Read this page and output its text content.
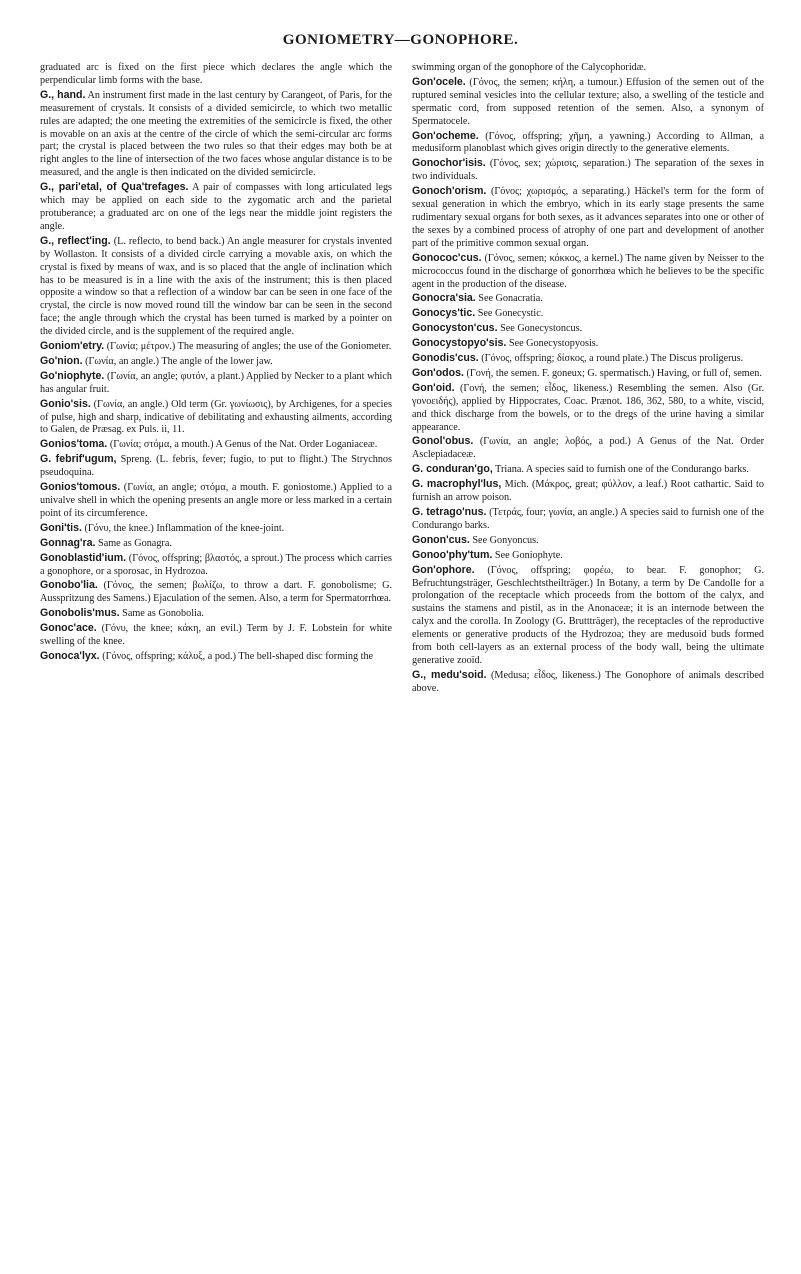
GONIOMETRY—GONOPHORE.

graduated arc is fixed on the first piece which declares the angle which the perpendicular limb forms with the base.

G., hand. An instrument first made in the last century by Carangeot, of Paris, for the measurement of crystals. It consists of a divided semicircle, to which two metallic rules are adapted; the one meeting the extremities of the semicircle is fixed, the other is movable on an axis at the centre of the circle of which the semi-circular arc forms part; the crystal is placed between the two rules so that their edges may both be at right angles to the line of intersection of the two faces whose angular distance is to be measured, and the angle is then indicated on the divided semicircle.

G., pari'etal, of Qua'trefages. A pair of compasses with long articulated legs which may be applied on each side to the zygomatic arch and the parietal protuberance; a graduated arc on one of the legs near the middle joint registers the angle.

G., reflect'ing. (L. reflecto, to bend back.) An angle measurer for crystals invented by Wollaston. It consists of a divided circle carrying a movable axis, on which the crystal is fixed by means of wax, and is so placed that the angle of inclination which has to be measured is in a line with the axis of the instrument; this is then placed opposite a window so that a reflection of a window bar can be seen in one face of the crystal, the circle is now moved round till the window bar can be seen in the second face; the angle through which the crystal has been turned is marked by a pointer on the divided circle, and is the supplement of the required angle.

Goniom'etry. (Γωνία; μέτρον.) The measuring of angles; the use of the Goniometer.

Go'nion. (Γωνία, an angle.) The angle of the lower jaw.

Go'niophyte. (Γωνία, an angle; φυτόν, a plant.) Applied by Necker to a plant which has angular fruit.

Gonio'sis. (Γωνία, an angle.) Old term (Gr. γωνίωσις), by Archigenes, for a species of pulse, high and sharp, indicative of debilitating and exhausting ailments, according to Galen, de Præsag. ex Puls. ii, 11.

Gonios'toma. (Γωνία; στόμα, a mouth.) A Genus of the Nat. Order Loganiaceæ.

G. febrif'ugum, Spreng. (L. febris, fever; fugio, to put to flight.) The Strychnos pseudoquina.

Gonios'tomous. (Γωνία, an angle; στόμα, a mouth. F. goniostome.) Applied to a univalve shell in which the opening presents an angle more or less marked in a certain point of its circumference.

Goni'tis. (Γόνυ, the knee.) Inflammation of the knee-joint.

Gonnag'ra. Same as Gonagra.

Gonoblastid'ium. (Γόνος, offspring; βλαστός, a sprout.) The process which carries a gonophore, or a sporosac, in Hydrozoa.

Gonobo'lia. (Γόνος, the semen; βωλίζω, to throw a dart. F. gonobolisme; G. Ausspritzung des Samens.) Ejaculation of the semen. Also, a term for Spermatorrhœa.

Gonobolis'mus. Same as Gonobolia.

Gonoc'ace. (Γόνυ, the knee; κάκη, an evil.) Term by J. F. Lobstein for white swelling of the knee.

Gonoca'lyx. (Γόνος, offspring; κάλυξ, a pod.) The bell-shaped disc forming the

swimming organ of the gonophore of the Calycophoridæ.

Gon'ocele. (Γόνος, the semen; κήλη, a tumour.) Effusion of the semen out of the ruptured seminal vesicles into the cellular texture; also, a swelling of the testicle and spermatic cord, from supposed retention of the semen. Also, a synonym of Spermatocele.

Gon'ocheme. (Γόνος, offspring; χῆμη, a yawning.) According to Allman, a medusiform planoblast which gives origin directly to the generative elements.

Gonochor'isis. (Γόνος, sex; χώρισις, separation.) The separation of the sexes in two individuals.

Gonoch'orism. (Γόνος; χωρισμός, a separating.) Häckel's term for the form of sexual generation in which the embryo, which in its early stage presents the same rudimentary sexual organs for both sexes, as it advances separates into one or other of the sexes by a combined process of atrophy of one part and development of another part of the primitive common sexual organ.

Gonococ'cus. (Γόνος, semen; κόκκος, a kernel.) The name given by Neisser to the micrococcus found in the discharge of gonorrhœa which he believes to be the specific agent in the production of the disease.

Gonocra'sia. See Gonacratia.

Gonocys'tic. See Gonecystic.

Gonocyston'cus. See Gonecystoncus.

Gonocystopyo'sis. See Gonecystopyosis.

Gonodis'cus. (Γόνος, offspring; δίσκος, a round plate.) The Discus proligerus.

Gon'odos. (Γονή, the semen. F. goneux; G. spermatisch.) Having, or full of, semen.

Gon'oid. (Γονή, the semen; εἶδος, likeness.) Resembling the semen. Also (Gr. γονοειδής), applied by Hippocrates, Coac. Prænot. 186, 362, 580, to a white, viscid, and thick discharge from the bowels, or to the dregs of the urine having a similar appearance.

Gonol'obus. (Γωνία, an angle; λοβός, a pod.) A Genus of the Nat. Order Asclepiadaceæ.

G. conduran'go, Triana. A species said to furnish one of the Condurango barks.

G. macrophyl'lus, Mich. (Μάκρος, great; φύλλον, a leaf.) Root cathartic. Said to furnish an arrow poison.

G. tetrago'nus. (Τετράς, four; γωνία, an angle.) A species said to furnish one of the Condurango barks.

Gonon'cus. See Gonyoncus.

Gonoo'phy'tum. See Goniophyte.

Gon'ophore. (Γόνος, offspring; φορέω, to bear. F. gonophor; G. Befruchtungsträger, Geschlechtstheilträger.) In Botany, a term by De Candolle for a prolongation of the receptacle which proceeds from the bottom of the calyx, and sustains the stamens and pistil, as in the Anonaceæ; it is an internode between the calyx and the corolla. In Zoology (G. Bruttträger), the receptacles of the reproductive elements or generative products of the Hydrozoa; they are medusoid buds formed from both cell-layers as an external process of the body wall, being the ultimate generative zooïd.

G., medu'soid. (Medusa; εἶδος, likeness.) The Gonophore of animals described above.
